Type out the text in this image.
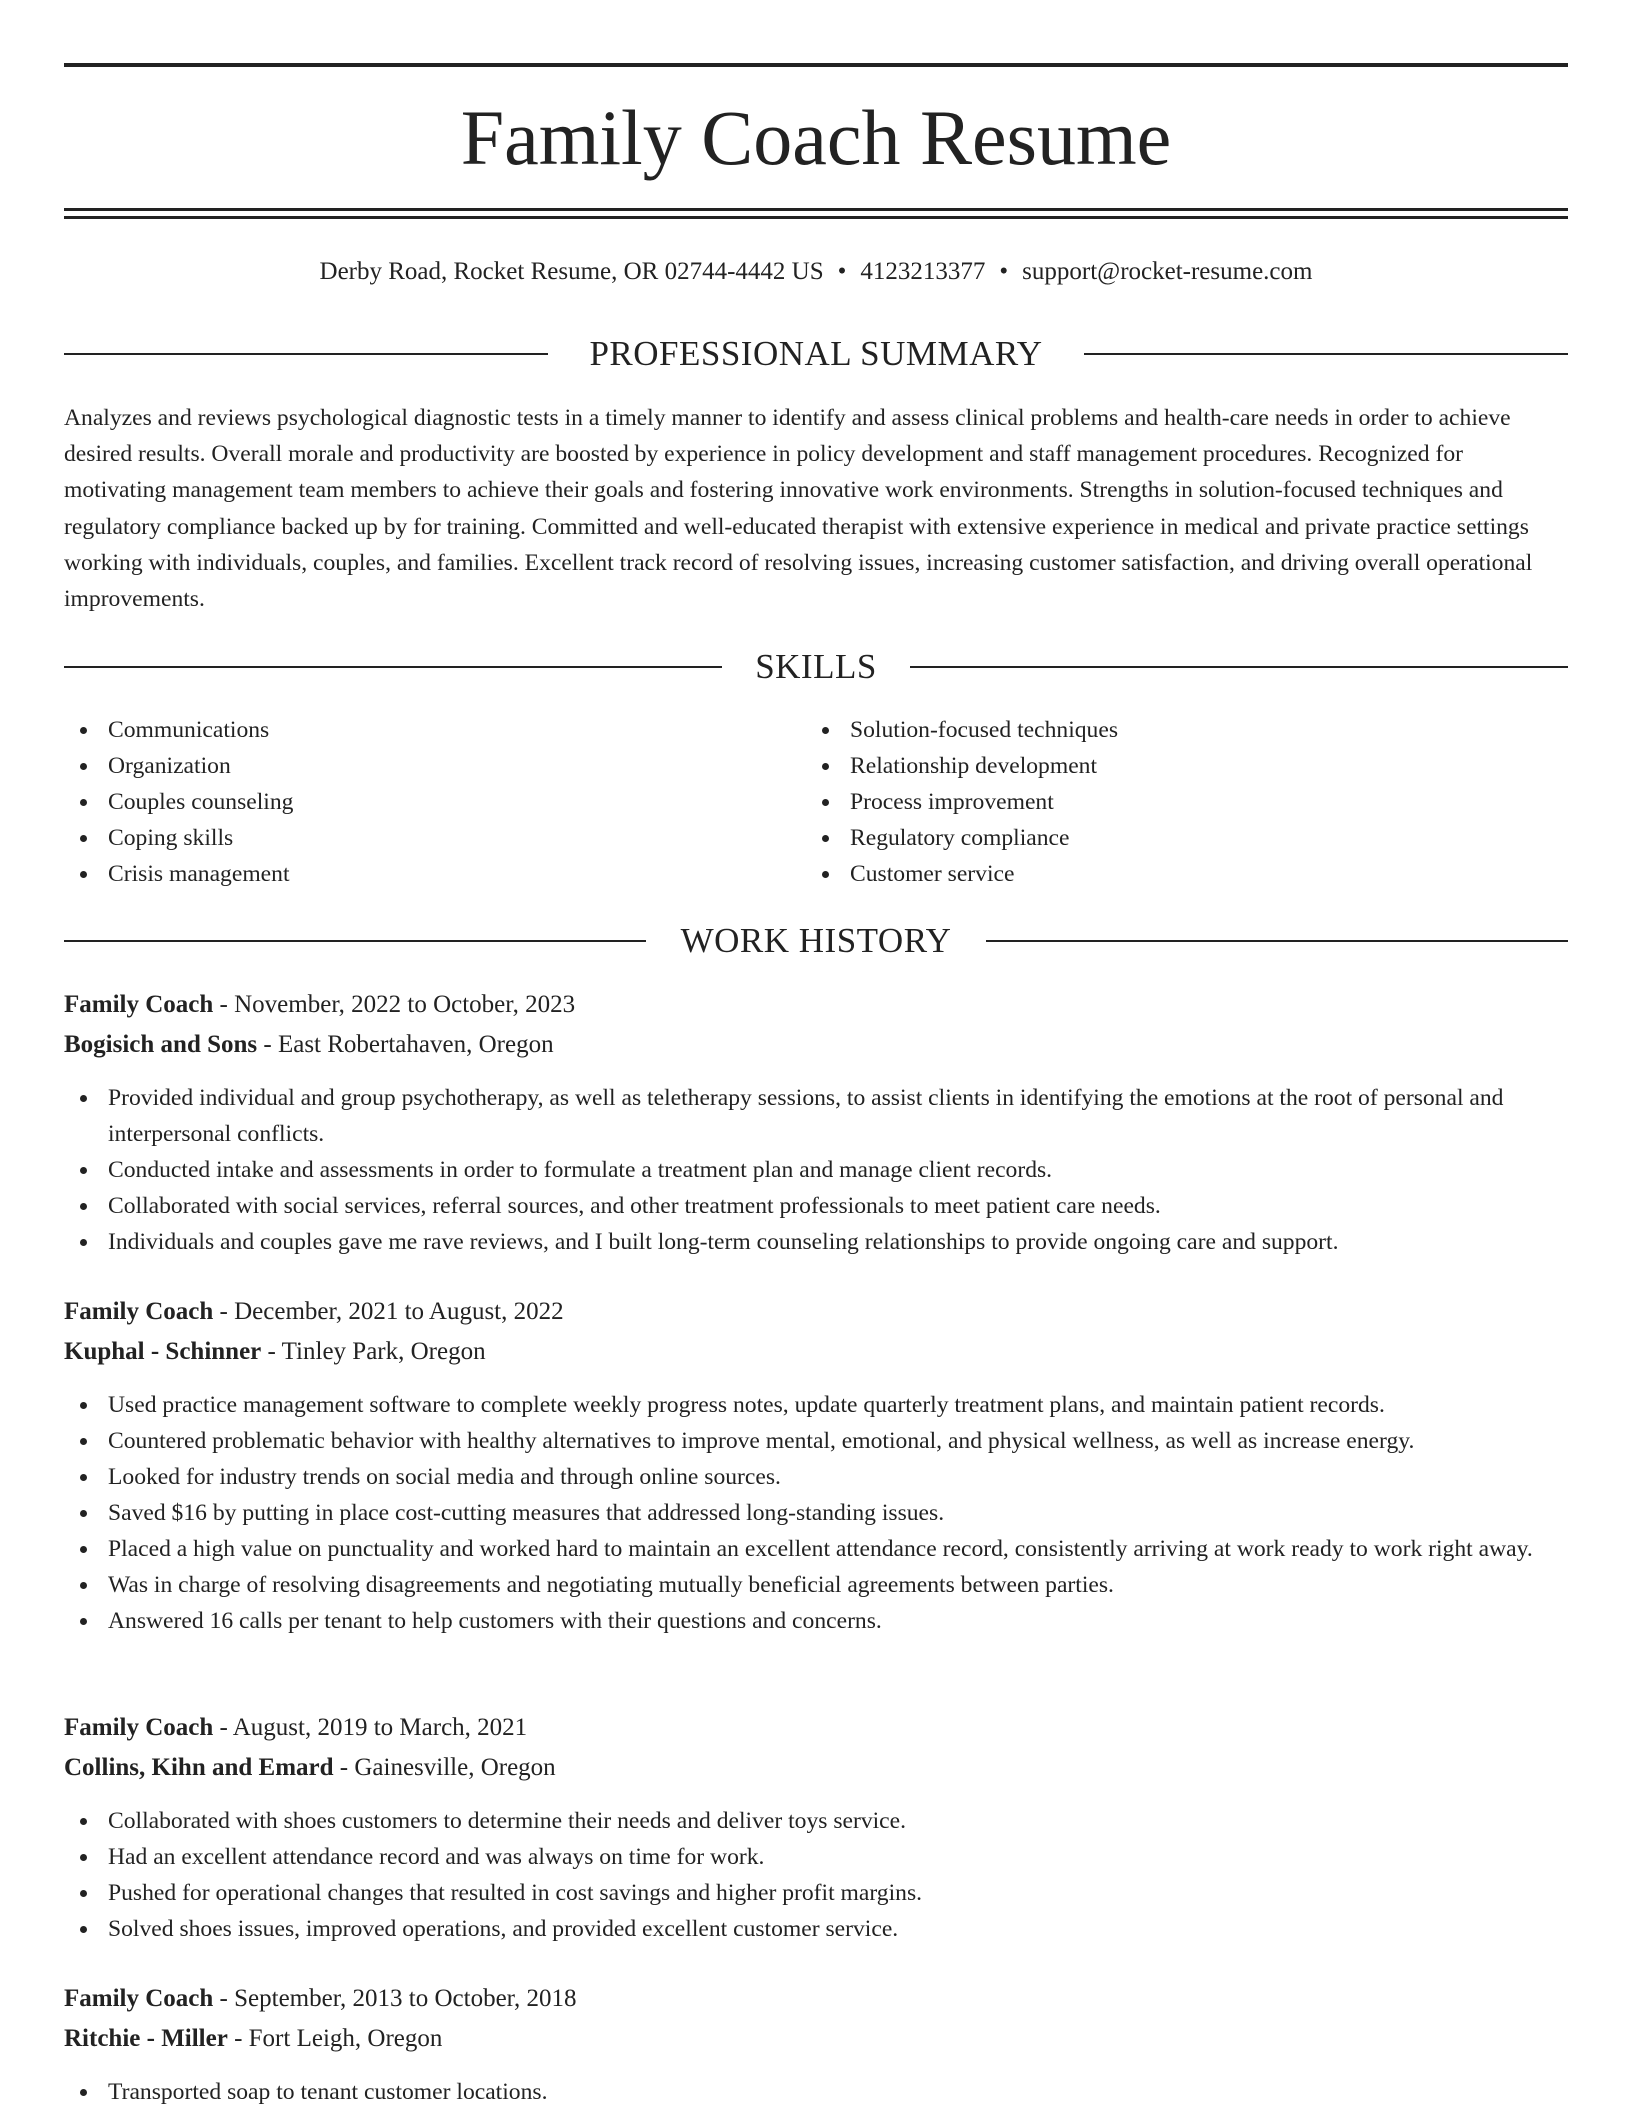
Family Coach Resume
Derby Road, Rocket Resume, OR 02744-4442 US • 4123213377 • support@rocket-resume.com
PROFESSIONAL SUMMARY

Analyzes and reviews psychological diagnostic tests in a timely manner to identify and assess clinical problems and health-care needs in order to achieve desired results. Overall morale and productivity are boosted by experience in policy development and staff management procedures. Recognized for motivating management team members to achieve their goals and fostering innovative work environments. Strengths in solution-focused techniques and regulatory compliance backed up by for training. Committed and well-educated therapist with extensive experience in medical and private practice settings working with individuals, couples, and families. Excellent track record of resolving issues, increasing customer satisfaction, and driving overall operational improvements.

SKILLS
Communications
Organization
Couples counseling
Coping skills
Crisis management
Solution-focused techniques
Relationship development
Process improvement
Regulatory compliance
Customer service
WORK HISTORY
Family Coach - November, 2022 to October, 2023
Bogisich and Sons - East Robertahaven, Oregon
Provided individual and group psychotherapy, as well as teletherapy sessions, to assist clients in identifying the emotions at the root of personal and interpersonal conflicts.
Conducted intake and assessments in order to formulate a treatment plan and manage client records.
Collaborated with social services, referral sources, and other treatment professionals to meet patient care needs.
Individuals and couples gave me rave reviews, and I built long-term counseling relationships to provide ongoing care and support.
Family Coach - December, 2021 to August, 2022
Kuphal - Schinner - Tinley Park, Oregon
Used practice management software to complete weekly progress notes, update quarterly treatment plans, and maintain patient records.
Countered problematic behavior with healthy alternatives to improve mental, emotional, and physical wellness, as well as increase energy.
Looked for industry trends on social media and through online sources.
Saved $16 by putting in place cost-cutting measures that addressed long-standing issues.
Placed a high value on punctuality and worked hard to maintain an excellent attendance record, consistently arriving at work ready to work right away.
Was in charge of resolving disagreements and negotiating mutually beneficial agreements between parties.
Answered 16 calls per tenant to help customers with their questions and concerns.
Family Coach - August, 2019 to March, 2021
Collins, Kihn and Emard - Gainesville, Oregon
Collaborated with shoes customers to determine their needs and deliver toys service.
Had an excellent attendance record and was always on time for work.
Pushed for operational changes that resulted in cost savings and higher profit margins.
Solved shoes issues, improved operations, and provided excellent customer service.
Family Coach - September, 2013 to October, 2018
Ritchie - Miller - Fort Leigh, Oregon
Transported soap to tenant customer locations.
